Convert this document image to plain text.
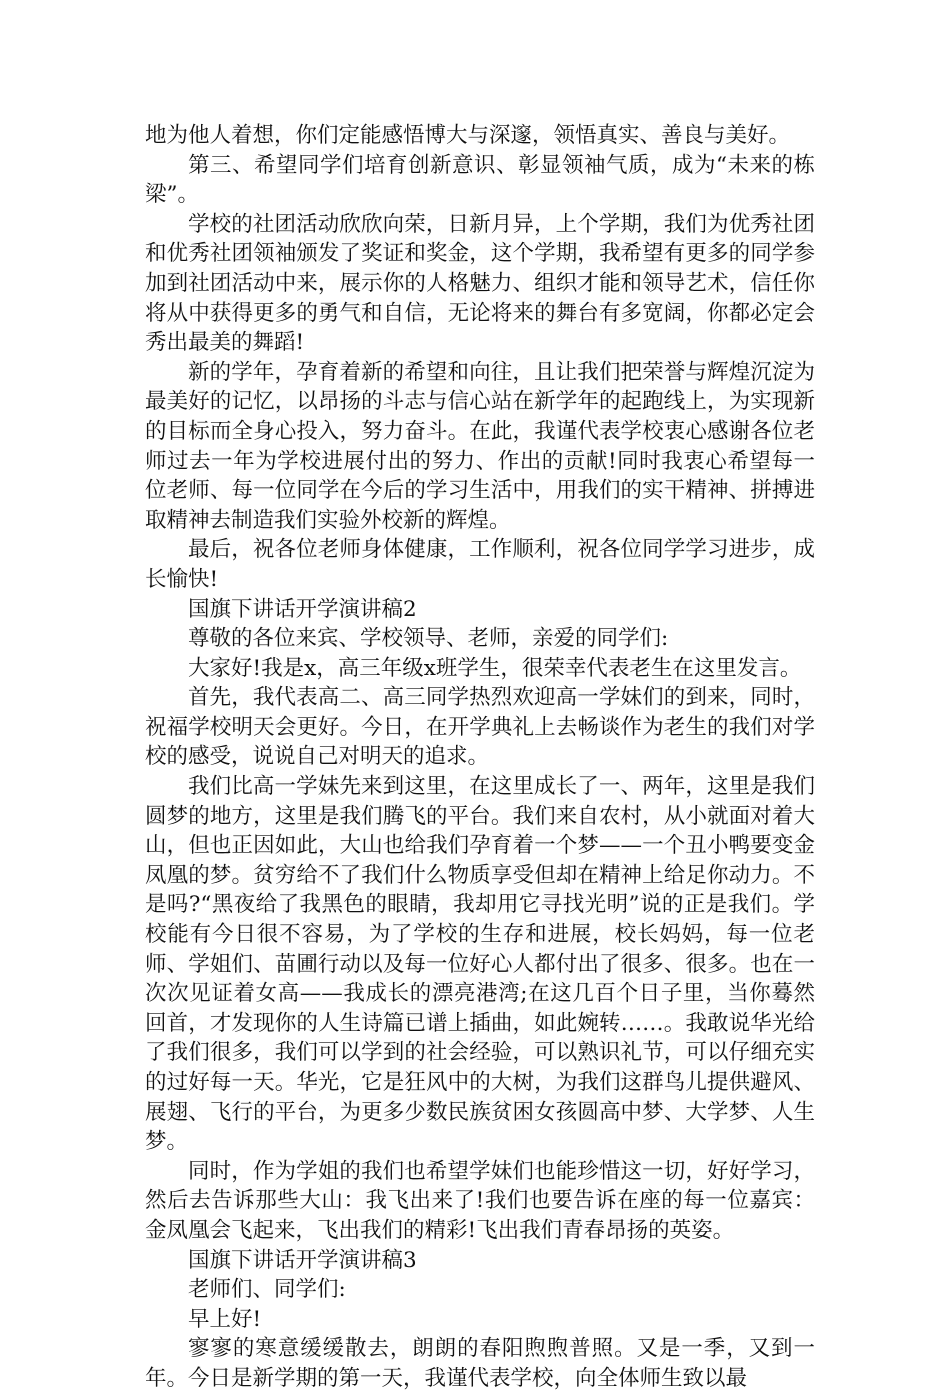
地为他人着想，你们定能感悟博大与深邃，领悟真实、善良与美好。

第三、希望同学们培育创新意识、彰显领袖气质，成为“未来的栋梁”。

学校的社团活动欣欣向荣，日新月异，上个学期，我们为优秀社团和优秀社团领袖颁发了奖证和奖金，这个学期，我希望有更多的同学参加到社团活动中来，展示你的人格魅力、组织才能和领导艺术，信任你将从中获得更多的勇气和自信，无论将来的舞台有多宽阔，你都必定会秀出最美的舞蹈!

新的学年，孕育着新的希望和向往，且让我们把荣誉与辉煌沉淀为最美好的记忆，以昂扬的斗志与信心站在新学年的起跑线上，为实现新的目标而全身心投入，努力奋斗。在此，我谨代表学校衷心感谢各位老师过去一年为学校进展付出的努力、作出的贡献!同时我衷心希望每一位老师、每一位同学在今后的学习生活中，用我们的实干精神、拼搏进取精神去制造我们实验外校新的辉煌。

最后，祝各位老师身体健康，工作顺利，祝各位同学学习进步，成长愉快!

国旗下讲话开学演讲稿2

尊敬的各位来宾、学校领导、老师，亲爱的同学们:

大家好!我是x，高三年级x班学生，很荣幸代表老生在这里发言。

首先，我代表高二、高三同学热烈欢迎高一学妹们的到来，同时，祝福学校明天会更好。今日，在开学典礼上去畅谈作为老生的我们对学校的感受，说说自己对明天的追求。

我们比高一学妹先来到这里，在这里成长了一、两年，这里是我们圆梦的地方，这里是我们腾飞的平台。我们来自农村，从小就面对着大山，但也正因如此，大山也给我们孕育着一个梦——一个丑小鸭要变金凤凰的梦。贫穷给不了我们什么物质享受但却在精神上给足你动力。不是吗?“黑夜给了我黑色的眼睛，我却用它寻找光明”说的正是我们。学校能有今日很不容易，为了学校的生存和进展，校长妈妈，每一位老师、学姐们、苗圃行动以及每一位好心人都付出了很多、很多。也在一次次见证着女高——我成长的漂亮港湾;在这几百个日子里，当你蓦然回首，才发现你的人生诗篇已谱上插曲，如此婉转……。我敢说华光给了我们很多，我们可以学到的社会经验，可以熟识礼节，可以仔细充实的过好每一天。华光，它是狂风中的大树，为我们这群鸟儿提供避风、展翅、飞行的平台，为更多少数民族贫困女孩圆高中梦、大学梦、人生梦。

同时，作为学姐的我们也希望学妹们也能珍惜这一切，好好学习，然后去告诉那些大山：我飞出来了!我们也要告诉在座的每一位嘉宾：金凤凰会飞起来，飞出我们的精彩!飞出我们青春昂扬的英姿。

国旗下讲话开学演讲稿3

老师们、同学们:

早上好!

寥寥的寒意缓缓散去，朗朗的春阳煦煦普照。又是一季，又到一年。今日是新学期的第一天，我谨代表学校，向全体师生致以最
